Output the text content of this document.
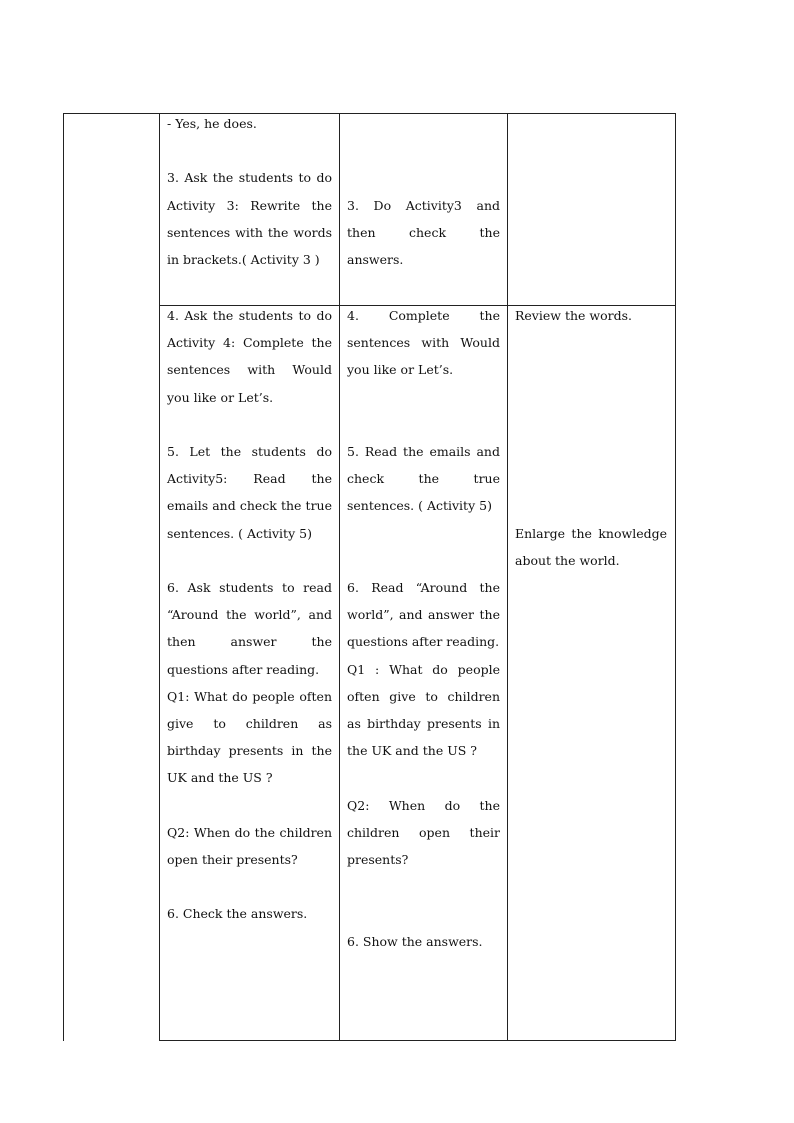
- Yes, he does.
3. Ask the students to do Activity 3: Rewrite the sentences with the words in brackets.( Activity 3 )
3. Do Activity3 and then check the answers.
4. Ask the students to do Activity 4: Complete the sentences with Would you like or Let’s.
5. Let the students do Activity5: Read the emails and check the true sentences. ( Activity 5)
6. Ask students to read “Around the world”, and then answer the questions after reading.
Q1: What do people often give to children as birthday presents in the UK and the US ?
Q2: When do the children open their presents?
6. Check the answers.
4. Complete the sentences with Would you like or Let’s.
5. Read the emails and check the true sentences. ( Activity 5)
6. Read “Around the world”, and answer the questions after reading.
Q1 : What do people often give to children as birthday presents in the UK and the US ?
Q2: When do the children open their presents?
6. Show the answers.
Review the words.
Enlarge the knowledge about the world.
